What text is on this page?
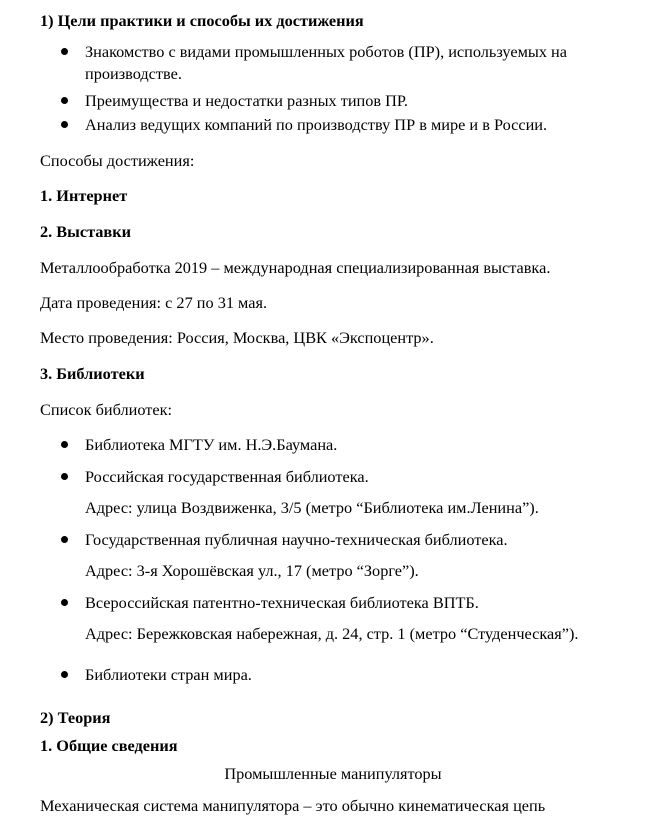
1) Цели практики и способы их достижения
Знакомство с видами промышленных роботов (ПР), используемых на
производстве.
Преимущества и недостатки разных типов ПР.
Анализ ведущих компаний по производству ПР в мире и в России.
Способы достижения:
1. Интернет
2. Выставки
Металлообработка 2019 – международная специализированная выставка.
Дата проведения: с 27 по 31 мая.
Место проведения: Россия, Москва, ЦВК «Экспоцентр».
3. Библиотеки
Список библиотек:
Библиотека МГТУ им. Н.Э.Баумана.
Российская государственная библиотека.
Адрес: улица Воздвиженка, 3/5 (метро “Библиотека им.Ленина”).
Государственная публичная научно-техническая библиотека.
Адрес: 3-я Хорошёвская ул., 17 (метро “Зорге”).
Всероссийская патентно-техническая библиотека ВПТБ.
Адрес: Бережковская набережная, д. 24, стр. 1 (метро “Студенческая”).
Библиотеки стран мира.
2) Теория
1. Общие сведения
Промышленные манипуляторы
Механическая система манипулятора – это обычно кинематическая цепь
